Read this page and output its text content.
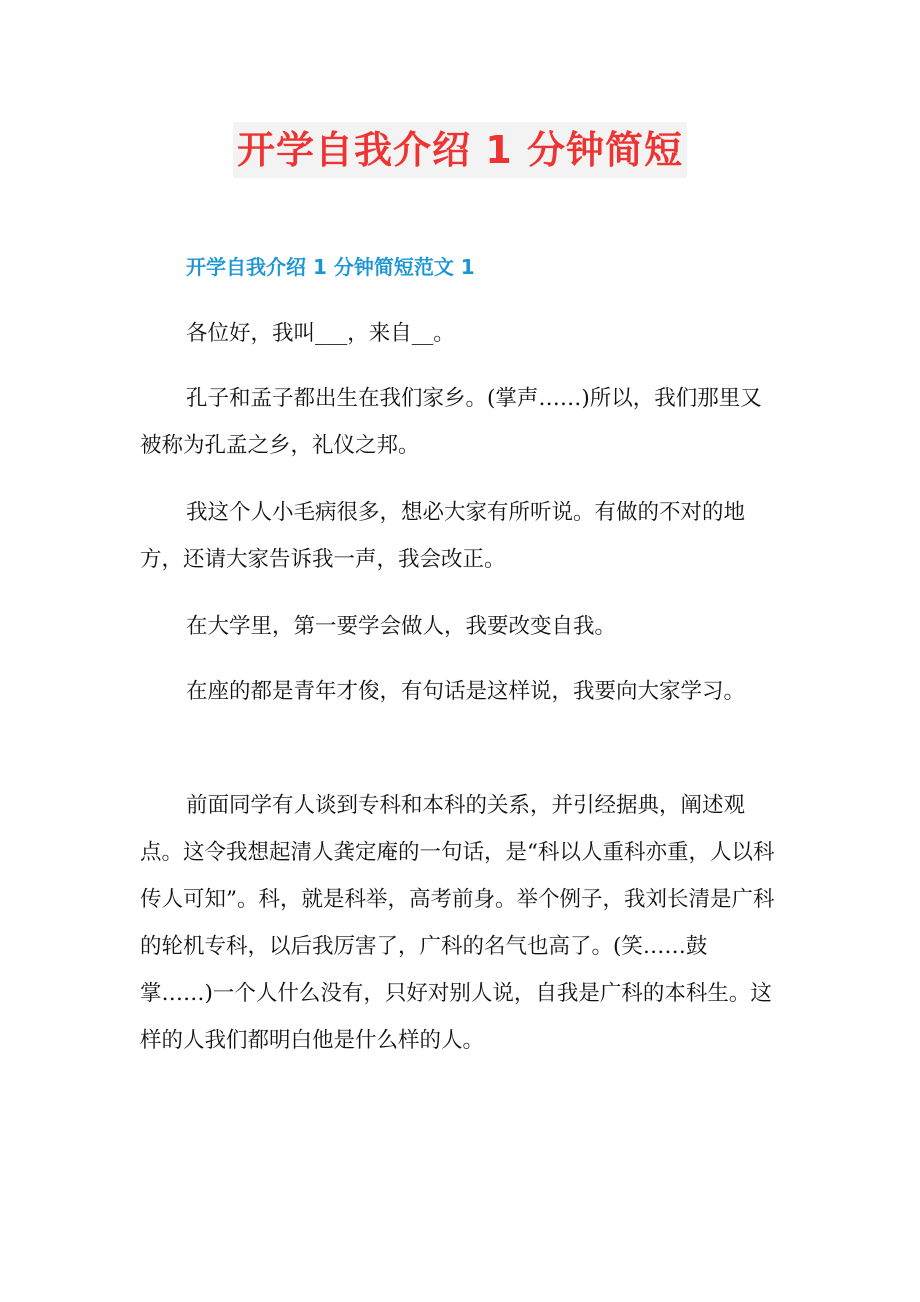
开学自我介绍 1 分钟简短
开学自我介绍 1 分钟简短范文 1

各位好，我叫___，来自__。

孔子和孟子都出生在我们家乡。(掌声……)所以，我们那里又被称为孔孟之乡，礼仪之邦。

我这个人小毛病很多，想必大家有所听说。有做的不对的地方，还请大家告诉我一声，我会改正。

在大学里，第一要学会做人，我要改变自我。

在座的都是青年才俊，有句话是这样说，我要向大家学习。

前面同学有人谈到专科和本科的关系，并引经据典，阐述观点。这令我想起清人龚定庵的一句话，是“科以人重科亦重，人以科传人可知”。科，就是科举，高考前身。举个例子，我刘长清是广科的轮机专科，以后我厉害了，广科的名气也高了。(笑……鼓掌……)一个人什么没有，只好对别人说，自我是广科的本科生。这样的人我们都明白他是什么样的人。
